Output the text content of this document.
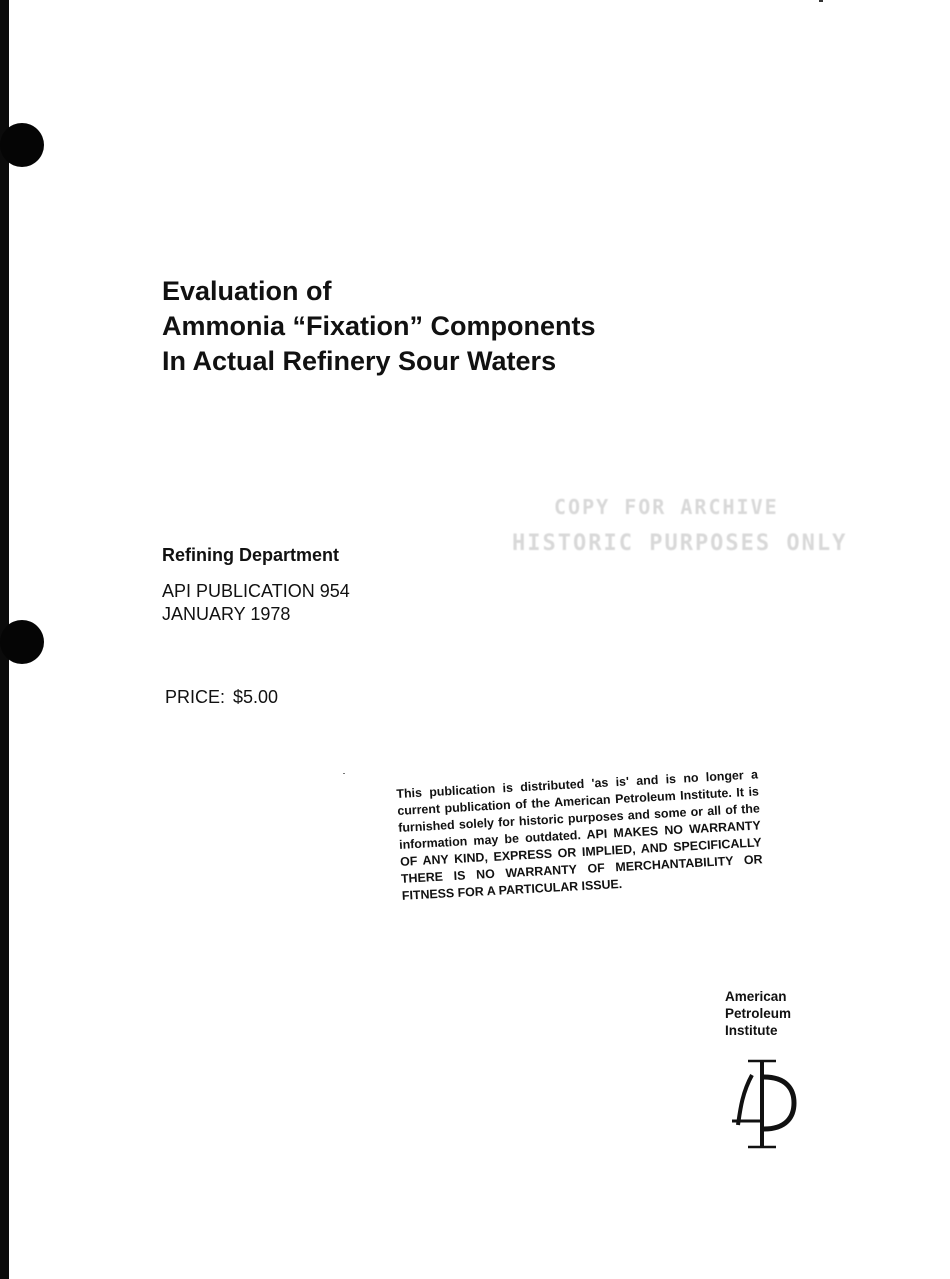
Evaluation of
Ammonia “Fixation” Components
In Actual Refinery Sour Waters
COPY FOR ARCHIVE
HISTORIC PURPOSES ONLY
Refining Department
API PUBLICATION 954
JANUARY 1978
PRICE: $5.00
This publication is distributed 'as is' and is no longer a current publication of the American Petroleum Institute. It is furnished solely for historic purposes and some or all of the information may be outdated. API MAKES NO WARRANTY OF ANY KIND, EXPRESS OR IMPLIED, AND SPECIFICALLY THERE IS NO WARRANTY OF MERCHANTABILITY OR FITNESS FOR A PARTICULAR ISSUE.
American
Petroleum
Institute
